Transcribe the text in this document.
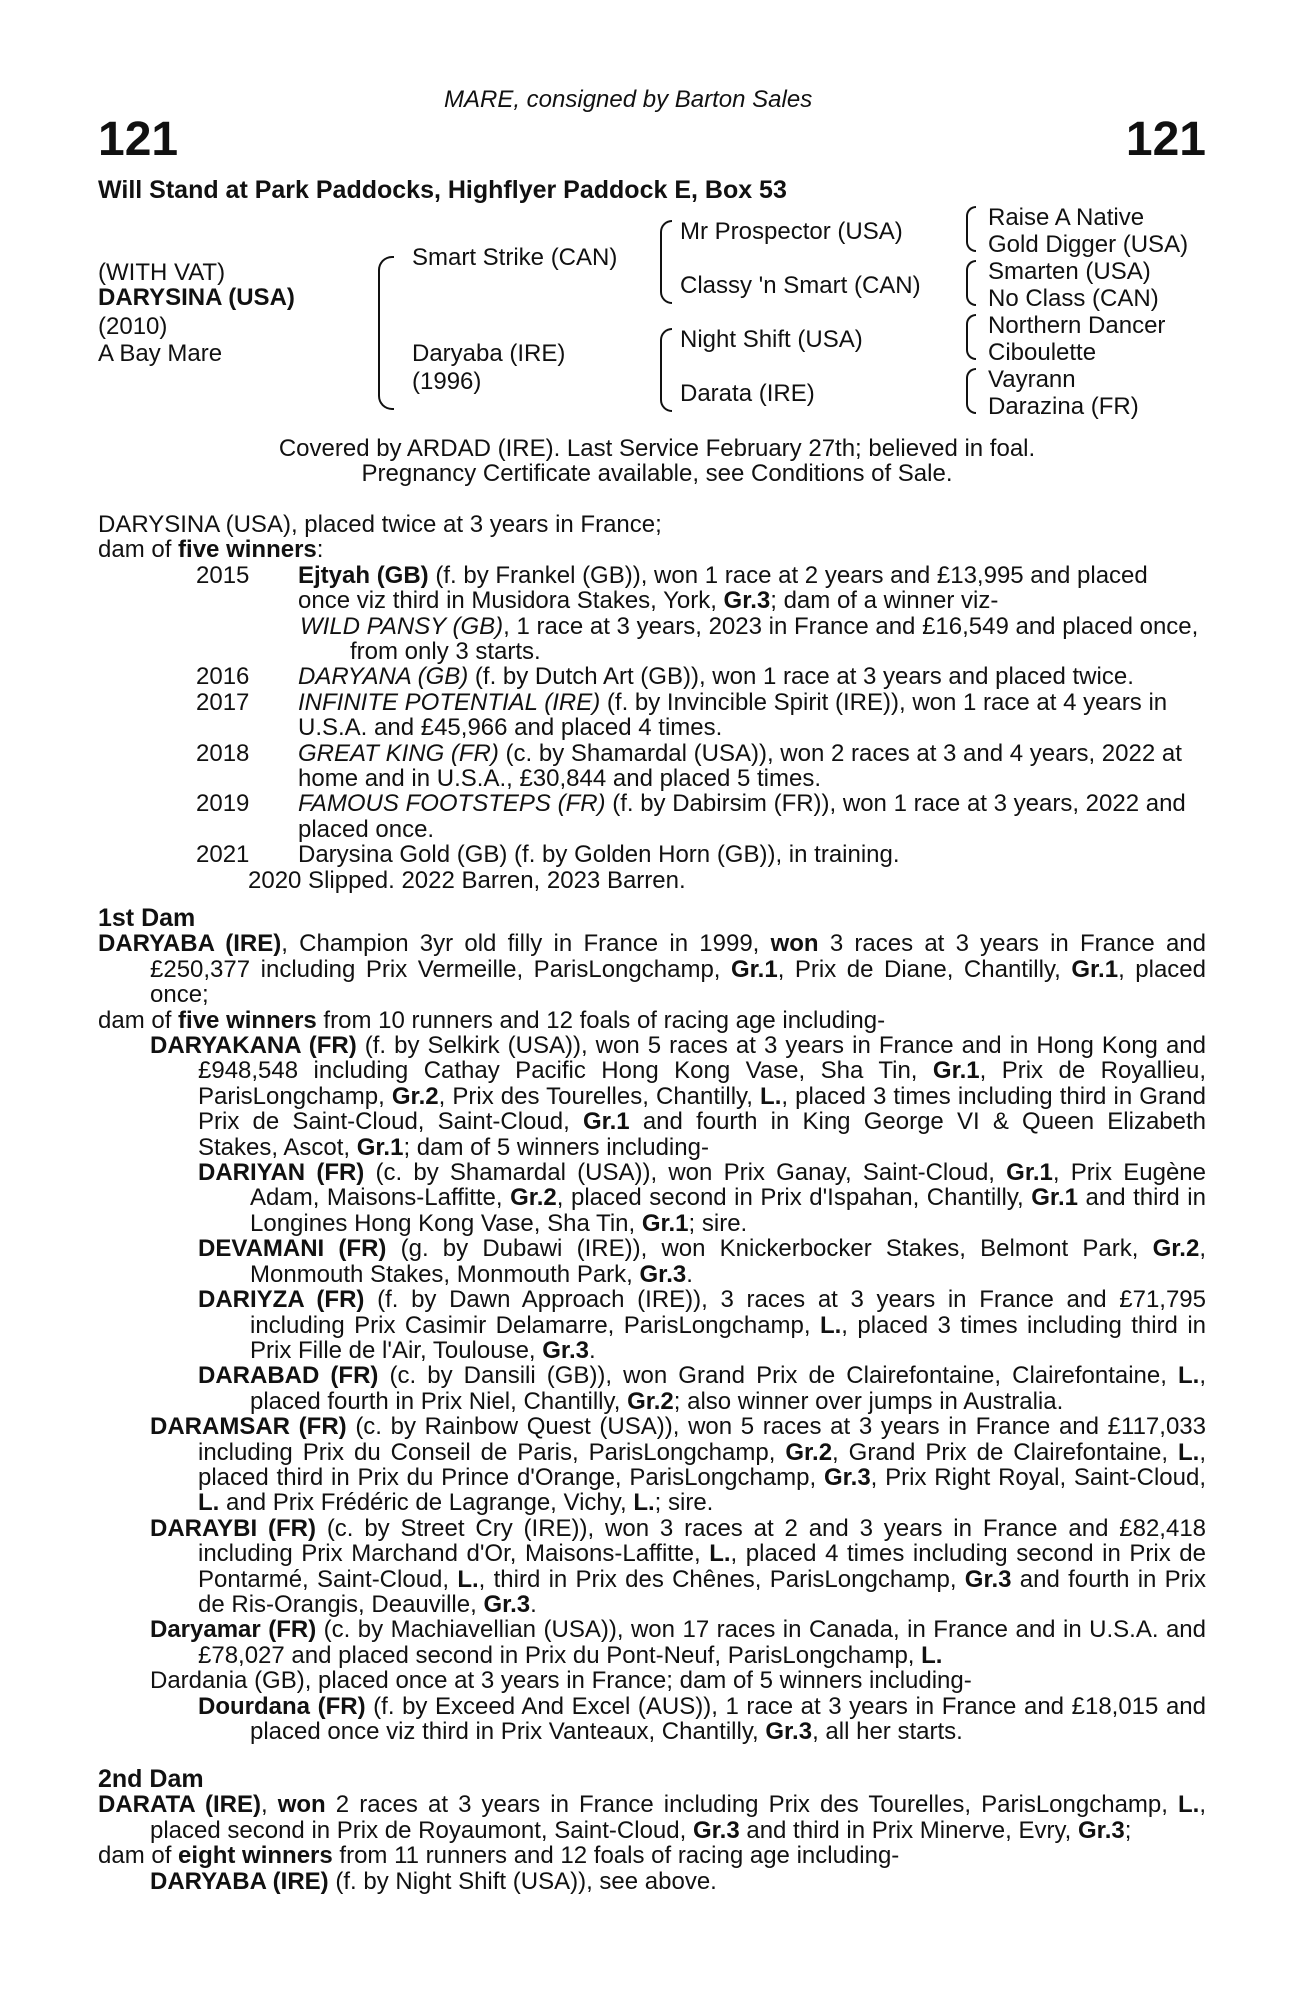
MARE, consigned by Barton Sales
121	121
Will Stand at Park Paddocks, Highflyer Paddock E, Box 53
(WITH VAT)
DARYSINA (USA)
(2010)
A Bay Mare
Smart Strike (CAN)
Daryaba (IRE)
(1996)
Mr Prospector (USA)
Classy 'n Smart (CAN)
Night Shift (USA)
Darata (IRE)
Raise A Native
Gold Digger (USA)
Smarten (USA)
No Class (CAN)
Northern Dancer
Ciboulette
Vayrann
Darazina (FR)
Covered by ARDAD (IRE). Last Service February 27th; believed in foal.
Pregnancy Certificate available, see Conditions of Sale.

DARYSINA (USA), placed twice at 3 years in France;

dam of five winners:

2015 Ejtyah (GB) (f. by Frankel (GB)), won 1 race at 2 years and £13,995 and placed once viz third in Musidora Stakes, York, Gr.3; dam of a winner viz-

WILD PANSY (GB), 1 race at 3 years, 2023 in France and £16,549 and placed once, from only 3 starts.

2016 DARYANA (GB) (f. by Dutch Art (GB)), won 1 race at 3 years and placed twice.

2017 INFINITE POTENTIAL (IRE) (f. by Invincible Spirit (IRE)), won 1 race at 4 years in U.S.A. and £45,966 and placed 4 times.

2018 GREAT KING (FR) (c. by Shamardal (USA)), won 2 races at 3 and 4 years, 2022 at home and in U.S.A., £30,844 and placed 5 times.

2019 FAMOUS FOOTSTEPS (FR) (f. by Dabirsim (FR)), won 1 race at 3 years, 2022 and placed once.

2021 Darysina Gold (GB) (f. by Golden Horn (GB)), in training.

2020 Slipped. 2022 Barren, 2023 Barren.

1st Dam

DARYABA (IRE), Champion 3yr old filly in France in 1999, won 3 races at 3 years in France and £250,377 including Prix Vermeille, ParisLongchamp, Gr.1, Prix de Diane, Chantilly, Gr.1, placed once;

dam of five winners from 10 runners and 12 foals of racing age including-

DARYAKANA (FR) (f. by Selkirk (USA)), won 5 races at 3 years in France and in Hong Kong and £948,548 including Cathay Pacific Hong Kong Vase, Sha Tin, Gr.1, Prix de Royallieu, ParisLongchamp, Gr.2, Prix des Tourelles, Chantilly, L., placed 3 times including third in Grand Prix de Saint-Cloud, Saint-Cloud, Gr.1 and fourth in King George VI & Queen Elizabeth Stakes, Ascot, Gr.1; dam of 5 winners including-

DARIYAN (FR) (c. by Shamardal (USA)), won Prix Ganay, Saint-Cloud, Gr.1, Prix Eugène Adam, Maisons-Laffitte, Gr.2, placed second in Prix d'Ispahan, Chantilly, Gr.1 and third in Longines Hong Kong Vase, Sha Tin, Gr.1; sire.

DEVAMANI (FR) (g. by Dubawi (IRE)), won Knickerbocker Stakes, Belmont Park, Gr.2, Monmouth Stakes, Monmouth Park, Gr.3.

DARIYZA (FR) (f. by Dawn Approach (IRE)), 3 races at 3 years in France and £71,795 including Prix Casimir Delamarre, ParisLongchamp, L., placed 3 times including third in Prix Fille de l'Air, Toulouse, Gr.3.

DARABAD (FR) (c. by Dansili (GB)), won Grand Prix de Clairefontaine, Clairefontaine, L., placed fourth in Prix Niel, Chantilly, Gr.2; also winner over jumps in Australia.

DARAMSAR (FR) (c. by Rainbow Quest (USA)), won 5 races at 3 years in France and £117,033 including Prix du Conseil de Paris, ParisLongchamp, Gr.2, Grand Prix de Clairefontaine, L., placed third in Prix du Prince d'Orange, ParisLongchamp, Gr.3, Prix Right Royal, Saint-Cloud, L. and Prix Frédéric de Lagrange, Vichy, L.; sire.

DARAYBI (FR) (c. by Street Cry (IRE)), won 3 races at 2 and 3 years in France and £82,418 including Prix Marchand d'Or, Maisons-Laffitte, L., placed 4 times including second in Prix de Pontarmé, Saint-Cloud, L., third in Prix des Chênes, ParisLongchamp, Gr.3 and fourth in Prix de Ris-Orangis, Deauville, Gr.3.

Daryamar (FR) (c. by Machiavellian (USA)), won 17 races in Canada, in France and in U.S.A. and £78,027 and placed second in Prix du Pont-Neuf, ParisLongchamp, L.

Dardania (GB), placed once at 3 years in France; dam of 5 winners including-

Dourdana (FR) (f. by Exceed And Excel (AUS)), 1 race at 3 years in France and £18,015 and placed once viz third in Prix Vanteaux, Chantilly, Gr.3, all her starts.

2nd Dam

DARATA (IRE), won 2 races at 3 years in France including Prix des Tourelles, ParisLongchamp, L., placed second in Prix de Royaumont, Saint-Cloud, Gr.3 and third in Prix Minerve, Evry, Gr.3;

dam of eight winners from 11 runners and 12 foals of racing age including-

DARYABA (IRE) (f. by Night Shift (USA)), see above.
